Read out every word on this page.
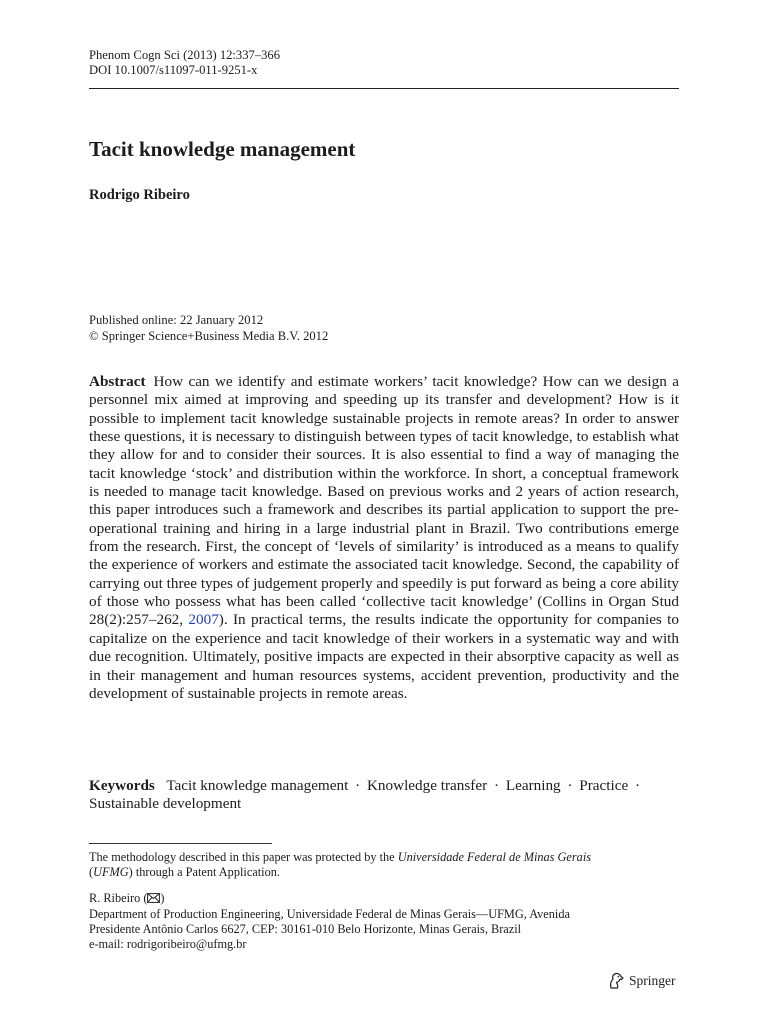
Phenom Cogn Sci (2013) 12:337–366
DOI 10.1007/s11097-011-9251-x
Tacit knowledge management
Rodrigo Ribeiro
Published online: 22 January 2012
© Springer Science+Business Media B.V. 2012
Abstract How can we identify and estimate workers’ tacit knowledge? How can we design a personnel mix aimed at improving and speeding up its transfer and development? How is it possible to implement tacit knowledge sustainable projects in remote areas? In order to answer these questions, it is necessary to distinguish between types of tacit knowledge, to establish what they allow for and to consider their sources. It is also essential to find a way of managing the tacit knowledge ‘stock’ and distribution within the workforce. In short, a conceptual framework is needed to manage tacit knowledge. Based on previous works and 2 years of action research, this paper introduces such a framework and describes its partial application to support the pre-operational training and hiring in a large industrial plant in Brazil. Two contributions emerge from the research. First, the concept of ‘levels of similarity’ is introduced as a means to qualify the experience of workers and estimate the associated tacit knowledge. Second, the capability of carrying out three types of judgement properly and speedily is put forward as being a core ability of those who possess what has been called ‘collective tacit knowledge’ (Collins in Organ Stud 28(2):257–262, 2007). In practical terms, the results indicate the opportunity for companies to capitalize on the experience and tacit knowledge of their workers in a systematic way and with due recognition. Ultimately, positive impacts are expected in their absorptive capacity as well as in their management and human resources systems, accident prevention, productivity and the development of sustainable projects in remote areas.
Keywords Tacit knowledge management · Knowledge transfer · Learning · Practice ·
Sustainable development

The methodology described in this paper was protected by the Universidade Federal de Minas Gerais
(UFMG) through a Patent Application.

R. Ribeiro ( )

Department of Production Engineering, Universidade Federal de Minas Gerais—UFMG, Avenida

Presidente Antônio Carlos 6627, CEP: 30161-010 Belo Horizonte, Minas Gerais, Brazil

e-mail: rodrigoribeiro@ufmg.br

Springer
